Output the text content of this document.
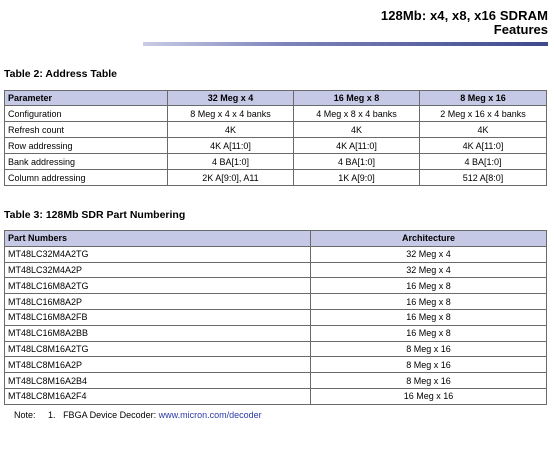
128Mb: x4, x8, x16 SDRAM
Features
Table 2: Address Table
Parameter	32 Meg x 4	16 Meg x 8	8 Meg x 16
Configuration	8 Meg x 4 x 4 banks	4 Meg x 8 x 4 banks	2 Meg x 16 x 4 banks
Refresh count	4K	4K	4K
Row addressing	4K A[11:0]	4K A[11:0]	4K A[11:0]
Bank addressing	4 BA[1:0]	4 BA[1:0]	4 BA[1:0]
Column addressing	2K A[9:0], A11	1K A[9:0]	512 A[8:0]
Table 3: 128Mb SDR Part Numbering
Part Numbers	Architecture
MT48LC32M4A2TG	32 Meg x 4
MT48LC32M4A2P	32 Meg x 4
MT48LC16M8A2TG	16 Meg x 8
MT48LC16M8A2P	16 Meg x 8
MT48LC16M8A2FB	16 Meg x 8
MT48LC16M8A2BB	16 Meg x 8
MT48LC8M16A2TG	8 Meg x 16
MT48LC8M16A2P	8 Meg x 16
MT48LC8M16A2B4	8 Meg x 16
MT48LC8M16A2F4	16 Meg x 16
Note: 1. FBGA Device Decoder: www.micron.com/decoder
